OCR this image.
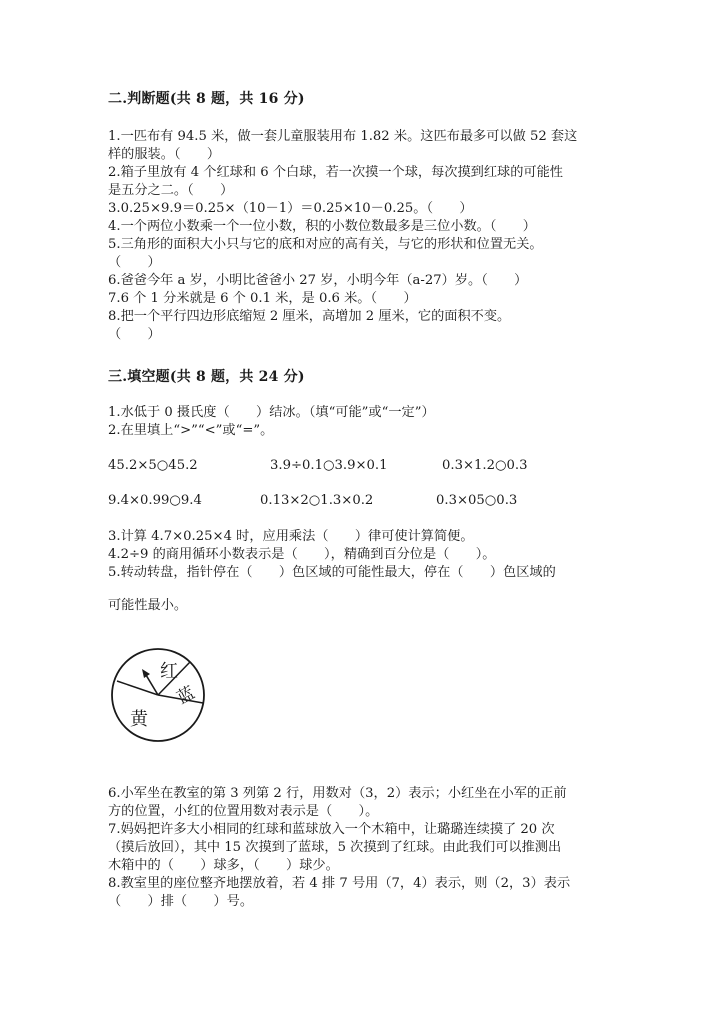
二.判断题(共 8 题，共 16 分)
1.一匹布有 94.5 米，做一套儿童服装用布 1.82 米。这匹布最多可以做 52 套这
样的服装。（　　）
2.箱子里放有 4 个红球和 6 个白球，若一次摸一个球，每次摸到红球的可能性
是五分之二。（　　）
3.0.25×9.9＝0.25×（10－1）＝0.25×10－0.25。（　　）
4.一个两位小数乘一个一位小数，积的小数位数最多是三位小数。（　　）
5.三角形的面积大小只与它的底和对应的高有关，与它的形状和位置无关。
（　　）
6.爸爸今年 a 岁，小明比爸爸小 27 岁，小明今年（a-27）岁。（　　）
7.6 个 1 分米就是 6 个 0.1 米，是 0.6 米。（　　）
8.把一个平行四边形底缩短 2 厘米，高增加 2 厘米，它的面积不变。
（　　）
三.填空题(共 8 题，共 24 分)
1.水低于 0 摄氏度（　　）结冰。（填“可能”或“一定”）
2.在里填上“>”“<”或“=”。
45.2×5○45.2	3.9÷0.1○3.9×0.1	0.3×1.2○0.3
9.4×0.99○9.4	0.13×2○1.3×0.2	0.3×05○0.3
3.计算 4.7×0.25×4 时，应用乘法（　　）律可使计算简便。
4.2÷9 的商用循环小数表示是（　　），精确到百分位是（　　）。
5.转动转盘，指针停在（　　）色区域的可能性最大，停在（　　）色区域的
可能性最小。
红
蓝
黄
6.小军坐在教室的第 3 列第 2 行，用数对（3，2）表示；小红坐在小军的正前
方的位置，小红的位置用数对表示是（　　）。
7.妈妈把许多大小相同的红球和蓝球放入一个木箱中，让璐璐连续摸了 20 次
（摸后放回），其中 15 次摸到了蓝球，5 次摸到了红球。由此我们可以推测出
木箱中的（　　）球多，（　　）球少。
8.教室里的座位整齐地摆放着，若 4 排 7 号用（7，4）表示，则（2，3）表示
（　　）排（　　）号。
